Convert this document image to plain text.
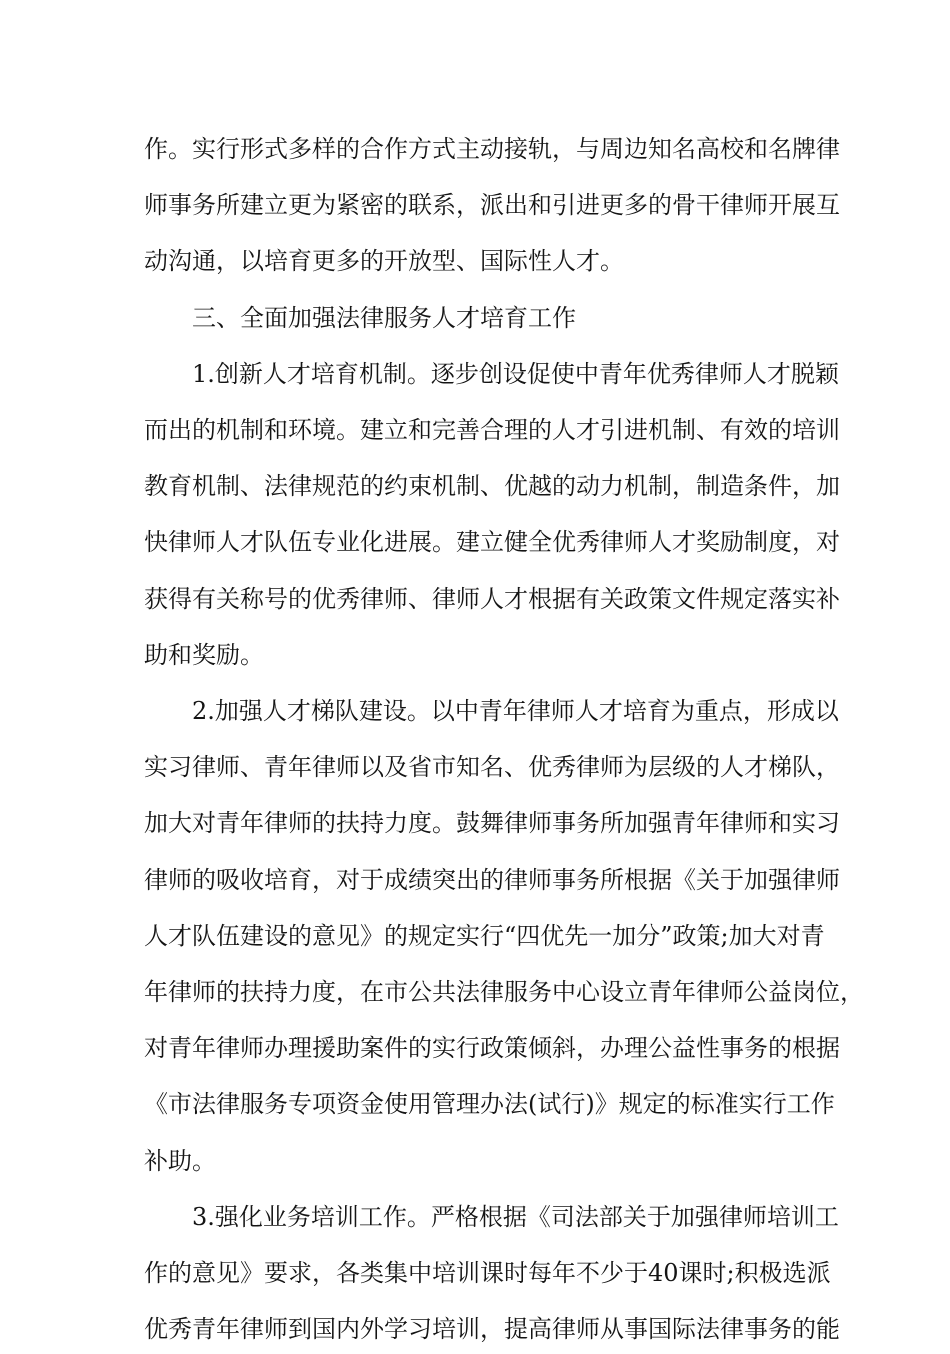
作。实行形式多样的合作方式主动接轨，与周边知名高校和名牌律
师事务所建立更为紧密的联系，派出和引进更多的骨干律师开展互
动沟通，以培育更多的开放型、国际性人才。
三、全面加强法律服务人才培育工作
1.创新人才培育机制。逐步创设促使中青年优秀律师人才脱颖
而出的机制和环境。建立和完善合理的人才引进机制、有效的培训
教育机制、法律规范的约束机制、优越的动力机制，制造条件，加
快律师人才队伍专业化进展。建立健全优秀律师人才奖励制度，对
获得有关称号的优秀律师、律师人才根据有关政策文件规定落实补
助和奖励。
2.加强人才梯队建设。以中青年律师人才培育为重点，形成以
实习律师、青年律师以及省市知名、优秀律师为层级的人才梯队，
加大对青年律师的扶持力度。鼓舞律师事务所加强青年律师和实习
律师的吸收培育，对于成绩突出的律师事务所根据《关于加强律师
人才队伍建设的意见》的规定实行“四优先一加分”政策;加大对青
年律师的扶持力度，在市公共法律服务中心设立青年律师公益岗位，
对青年律师办理援助案件的实行政策倾斜，办理公益性事务的根据
《市法律服务专项资金使用管理办法(试行)》规定的标准实行工作
补助。
3.强化业务培训工作。严格根据《司法部关于加强律师培训工
作的意见》要求，各类集中培训课时每年不少于40课时;积极选派
优秀青年律师到国内外学习培训，提高律师从事国际法律事务的能
